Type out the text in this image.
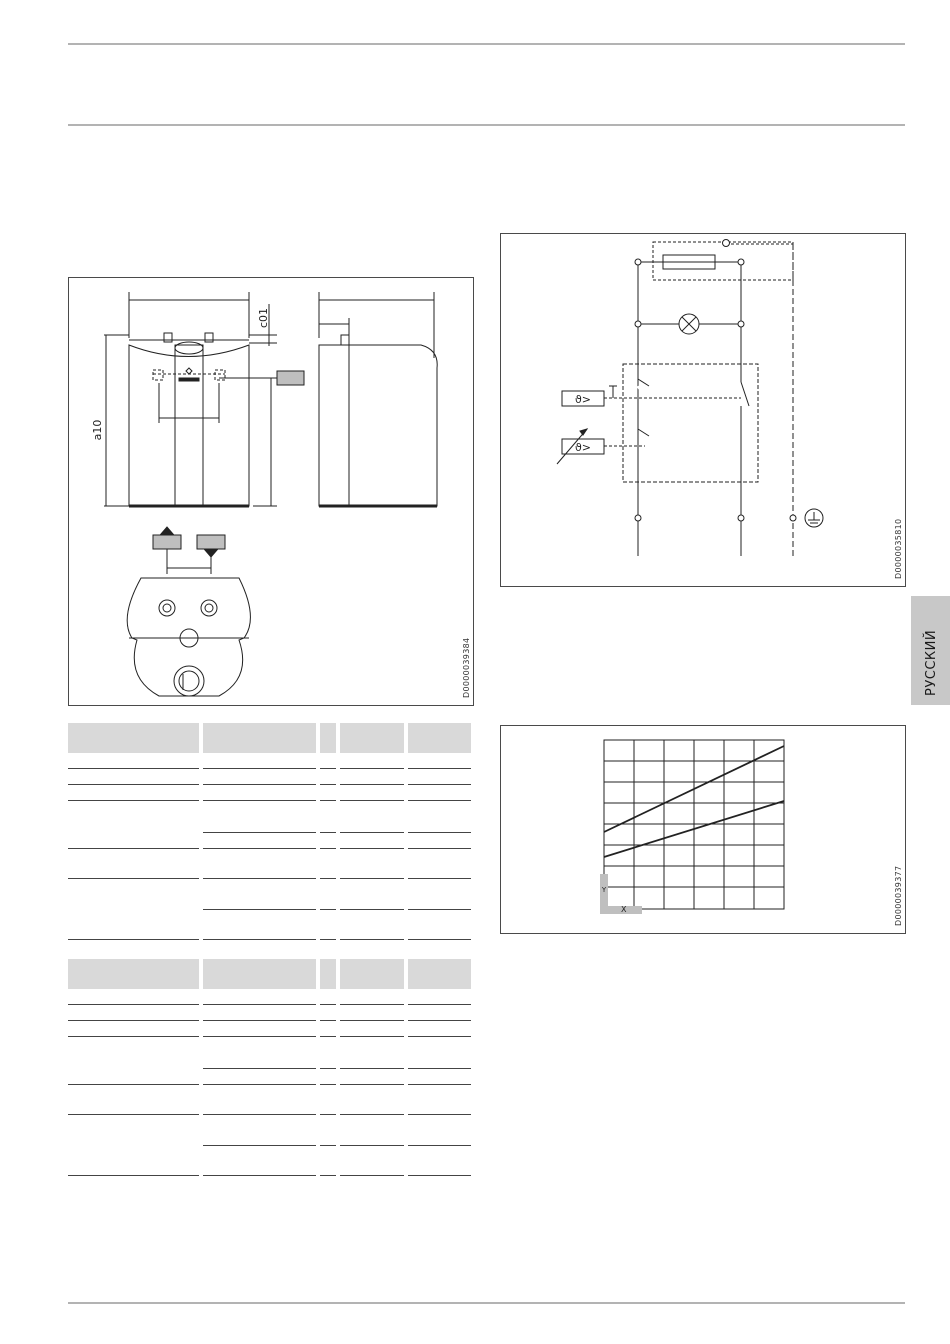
РУССКИЙ
a10
c01
D0000039384
ϑ>
ϑ>
D0000035810
Y
X	D0000039377
